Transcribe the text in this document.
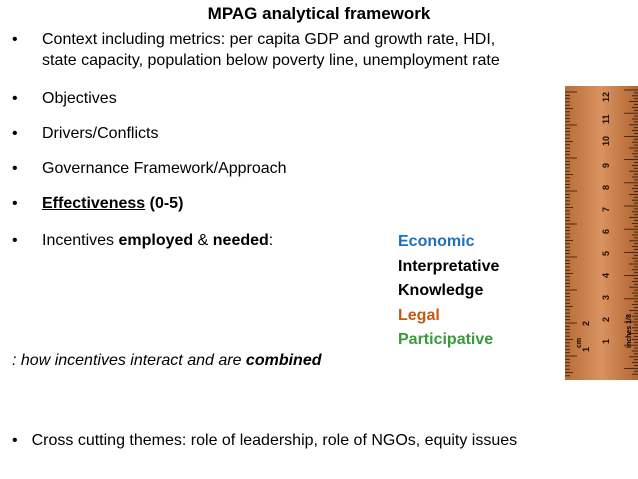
MPAG analytical framework
• Context including metrics: per capita GDP and growth rate, HDI,
state capacity, population below poverty line, unemployment rate
• Objectives
• Drivers/Conflicts
• Governance Framework/Approach
• Effectiveness (0-5)
• Incentives employed & needed:	Economic
Interpretative
Knowledge
Legal
Participative
: how incentives interact and are combined
• Cross cutting themes: role of leadership, role of NGOs, equity issues
12
11
10
9
8
7
6
5
4
3
2
1
2
1
inches 1/8
cm
